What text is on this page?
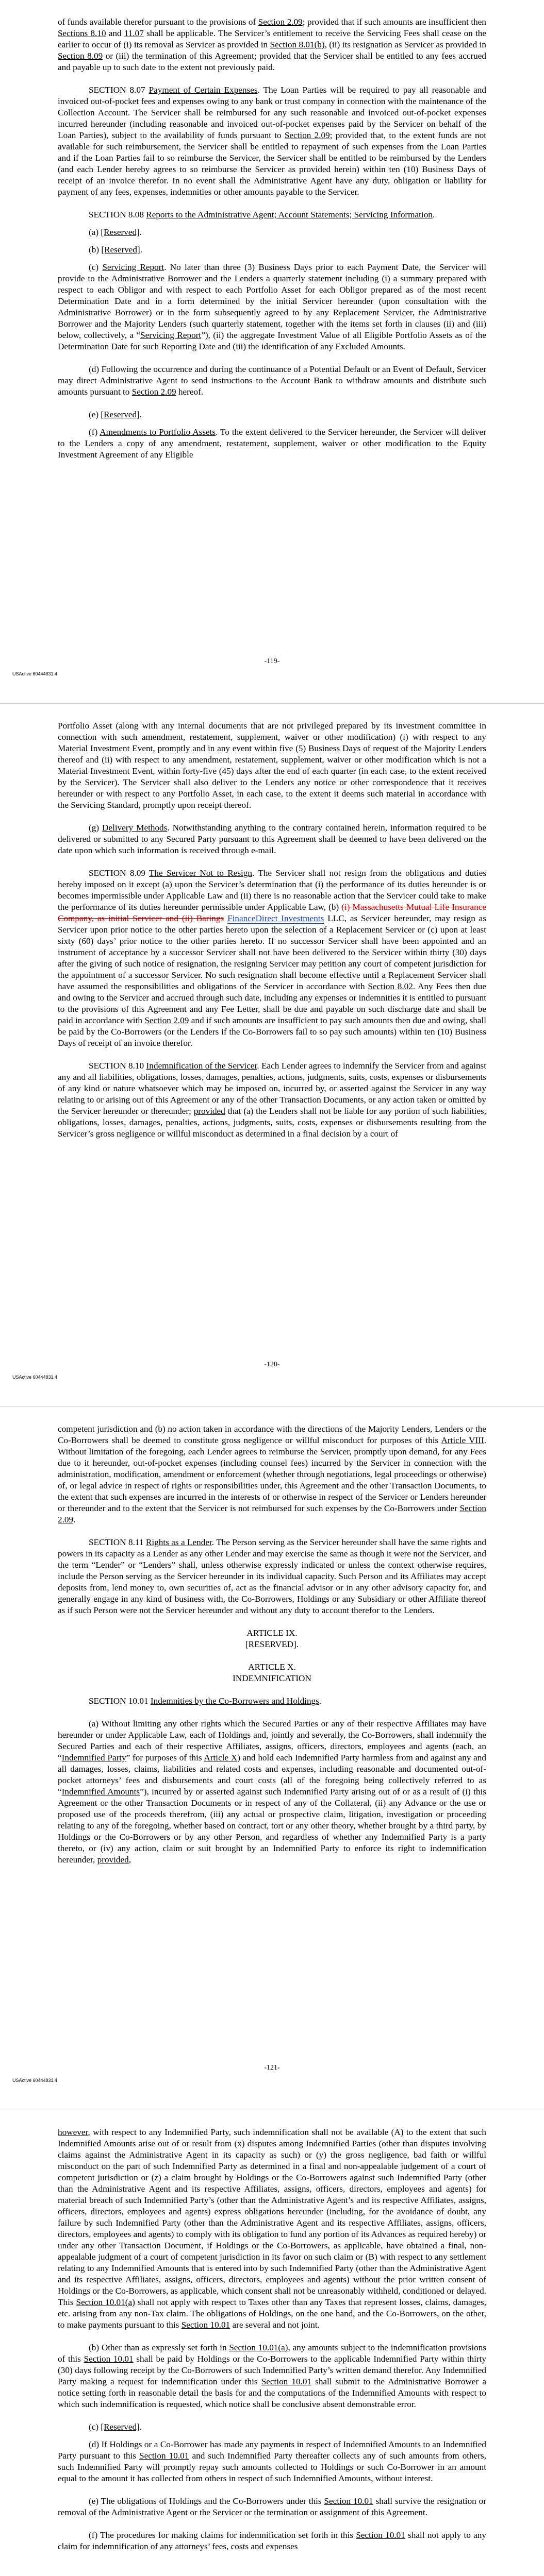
of funds available therefor pursuant to the provisions of Section 2.09; provided that if such amounts are insufficient then Sections 8.10 and 11.07 shall be applicable. The Servicer’s entitlement to receive the Servicing Fees shall cease on the earlier to occur of (i) its removal as Servicer as provided in Section 8.01(b), (ii) its resignation as Servicer as provided in Section 8.09 or (iii) the termination of this Agreement; provided that the Servicer shall be entitled to any fees accrued and payable up to such date to the extent not previously paid.

SECTION 8.07 Payment of Certain Expenses. The Loan Parties will be required to pay all reasonable and invoiced out-of-pocket fees and expenses owing to any bank or trust company in connection with the maintenance of the Collection Account. The Servicer shall be reimbursed for any such reasonable and invoiced out-of-pocket expenses incurred hereunder (including reasonable and invoiced out-of-pocket expenses paid by the Servicer on behalf of the Loan Parties), subject to the availability of funds pursuant to Section 2.09; provided that, to the extent funds are not available for such reimbursement, the Servicer shall be entitled to repayment of such expenses from the Loan Parties and if the Loan Parties fail to so reimburse the Servicer, the Servicer shall be entitled to be reimbursed by the Lenders (and each Lender hereby agrees to so reimburse the Servicer as provided herein) within ten (10) Business Days of receipt of an invoice therefor. In no event shall the Administrative Agent have any duty, obligation or liability for payment of any fees, expenses, indemnities or other amounts payable to the Servicer.

SECTION 8.08 Reports to the Administrative Agent; Account Statements; Servicing Information.

(a) [Reserved].

(b) [Reserved].

(c) Servicing Report. No later than three (3) Business Days prior to each Payment Date, the Servicer will provide to the Administrative Borrower and the Lenders a quarterly statement including (i) a summary prepared with respect to each Obligor and with respect to each Portfolio Asset for each Obligor prepared as of the most recent Determination Date and in a form determined by the initial Servicer hereunder (upon consultation with the Administrative Borrower) or in the form subsequently agreed to by any Replacement Servicer, the Administrative Borrower and the Majority Lenders (such quarterly statement, together with the items set forth in clauses (ii) and (iii) below, collectively, a “Servicing Report”), (ii) the aggregate Investment Value of all Eligible Portfolio Assets as of the Determination Date for such Reporting Date and (iii) the identification of any Excluded Amounts.

(d) Following the occurrence and during the continuance of a Potential Default or an Event of Default, Servicer may direct Administrative Agent to send instructions to the Account Bank to withdraw amounts and distribute such amounts pursuant to Section 2.09 hereof.

(e) [Reserved].

(f) Amendments to Portfolio Assets. To the extent delivered to the Servicer hereunder, the Servicer will deliver to the Lenders a copy of any amendment, restatement, supplement, waiver or other modification to the Equity Investment Agreement of any Eligible

-119-
USActive 60444831.4

Portfolio Asset (along with any internal documents that are not privileged prepared by its investment committee in connection with such amendment, restatement, supplement, waiver or other modification) (i) with respect to any Material Investment Event, promptly and in any event within five (5) Business Days of request of the Majority Lenders thereof and (ii) with respect to any amendment, restatement, supplement, waiver or other modification which is not a Material Investment Event, within forty-five (45) days after the end of each quarter (in each case, to the extent received by the Servicer). The Servicer shall also deliver to the Lenders any notice or other correspondence that it receives hereunder or with respect to any Portfolio Asset, in each case, to the extent it deems such material in accordance with the Servicing Standard, promptly upon receipt thereof.

(g) Delivery Methods. Notwithstanding anything to the contrary contained herein, information required to be delivered or submitted to any Secured Party pursuant to this Agreement shall be deemed to have been delivered on the date upon which such information is received through e-mail.

SECTION 8.09 The Servicer Not to Resign. The Servicer shall not resign from the obligations and duties hereby imposed on it except (a) upon the Servicer’s determination that (i) the performance of its duties hereunder is or becomes impermissible under Applicable Law and (ii) there is no reasonable action that the Servicer could take to make the performance of its duties hereunder permissible under Applicable Law, (b) (i) Massachusetts Mutual Life Insurance Company, as initial Servicer and (ii) Barings FinanceDirect Investments LLC, as Servicer hereunder, may resign as Servicer upon prior notice to the other parties hereto upon the selection of a Replacement Servicer or (c) upon at least sixty (60) days’ prior notice to the other parties hereto. If no successor Servicer shall have been appointed and an instrument of acceptance by a successor Servicer shall not have been delivered to the Servicer within thirty (30) days after the giving of such notice of resignation, the resigning Servicer may petition any court of competent jurisdiction for the appointment of a successor Servicer. No such resignation shall become effective until a Replacement Servicer shall have assumed the responsibilities and obligations of the Servicer in accordance with Section 8.02. Any Fees then due and owing to the Servicer and accrued through such date, including any expenses or indemnities it is entitled to pursuant to the provisions of this Agreement and any Fee Letter, shall be due and payable on such discharge date and shall be paid in accordance with Section 2.09 and if such amounts are insufficient to pay such amounts then due and owing, shall be paid by the Co-Borrowers (or the Lenders if the Co-Borrowers fail to so pay such amounts) within ten (10) Business Days of receipt of an invoice therefor.

SECTION 8.10 Indemnification of the Servicer. Each Lender agrees to indemnify the Servicer from and against any and all liabilities, obligations, losses, damages, penalties, actions, judgments, suits, costs, expenses or disbursements of any kind or nature whatsoever which may be imposed on, incurred by, or asserted against the Servicer in any way relating to or arising out of this Agreement or any of the other Transaction Documents, or any action taken or omitted by the Servicer hereunder or thereunder; provided that (a) the Lenders shall not be liable for any portion of such liabilities, obligations, losses, damages, penalties, actions, judgments, suits, costs, expenses or disbursements resulting from the Servicer’s gross negligence or willful misconduct as determined in a final decision by a court of

-120-
USActive 60444831.4

competent jurisdiction and (b) no action taken in accordance with the directions of the Majority Lenders, Lenders or the Co-Borrowers shall be deemed to constitute gross negligence or willful misconduct for purposes of this Article VIII. Without limitation of the foregoing, each Lender agrees to reimburse the Servicer, promptly upon demand, for any Fees due to it hereunder, out-of-pocket expenses (including counsel fees) incurred by the Servicer in connection with the administration, modification, amendment or enforcement (whether through negotiations, legal proceedings or otherwise) of, or legal advice in respect of rights or responsibilities under, this Agreement and the other Transaction Documents, to the extent that such expenses are incurred in the interests of or otherwise in respect of the Servicer or Lenders hereunder or thereunder and to the extent that the Servicer is not reimbursed for such expenses by the Co-Borrowers under Section 2.09.

SECTION 8.11 Rights as a Lender. The Person serving as the Servicer hereunder shall have the same rights and powers in its capacity as a Lender as any other Lender and may exercise the same as though it were not the Servicer, and the term “Lender” or “Lenders” shall, unless otherwise expressly indicated or unless the context otherwise requires, include the Person serving as the Servicer hereunder in its individual capacity. Such Person and its Affiliates may accept deposits from, lend money to, own securities of, act as the financial advisor or in any other advisory capacity for, and generally engage in any kind of business with, the Co-Borrowers, Holdings or any Subsidiary or other Affiliate thereof as if such Person were not the Servicer hereunder and without any duty to account therefor to the Lenders.

ARTICLE IX.

[RESERVED].

ARTICLE X.

INDEMNIFICATION

SECTION 10.01 Indemnities by the Co-Borrowers and Holdings.

(a) Without limiting any other rights which the Secured Parties or any of their respective Affiliates may have hereunder or under Applicable Law, each of Holdings and, jointly and severally, the Co-Borrowers, shall indemnify the Secured Parties and each of their respective Affiliates, assigns, officers, directors, employees and agents (each, an “Indemnified Party” for purposes of this Article X) and hold each Indemnified Party harmless from and against any and all damages, losses, claims, liabilities and related costs and expenses, including reasonable and documented out-of-pocket attorneys’ fees and disbursements and court costs (all of the foregoing being collectively referred to as “Indemnified Amounts”), incurred by or asserted against such Indemnified Party arising out of or as a result of (i) this Agreement or the other Transaction Documents or in respect of any of the Collateral, (ii) any Advance or the use or proposed use of the proceeds therefrom, (iii) any actual or prospective claim, litigation, investigation or proceeding relating to any of the foregoing, whether based on contract, tort or any other theory, whether brought by a third party, by Holdings or the Co-Borrowers or by any other Person, and regardless of whether any Indemnified Party is a party thereto, or (iv) any action, claim or suit brought by an Indemnified Party to enforce its right to indemnification hereunder, provided,

-121-
USActive 60444831.4

however, with respect to any Indemnified Party, such indemnification shall not be available (A) to the extent that such Indemnified Amounts arise out of or result from (x) disputes among Indemnified Parties (other than disputes involving claims against the Administrative Agent in its capacity as such) or (y) the gross negligence, bad faith or willful misconduct on the part of such Indemnified Party as determined in a final and non-appealable judgement of a court of competent jurisdiction or (z) a claim brought by Holdings or the Co-Borrowers against such Indemnified Party (other than the Administrative Agent and its respective Affiliates, assigns, officers, directors, employees and agents) for material breach of such Indemnified Party’s (other than the Administrative Agent’s and its respective Affiliates, assigns, officers, directors, employees and agents) express obligations hereunder (including, for the avoidance of doubt, any failure by such Indemnified Party (other than the Administrative Agent and its respective Affiliates, assigns, officers, directors, employees and agents) to comply with its obligation to fund any portion of its Advances as required hereby) or under any other Transaction Document, if Holdings or the Co-Borrowers, as applicable, have obtained a final, non-appealable judgment of a court of competent jurisdiction in its favor on such claim or (B) with respect to any settlement relating to any Indemnified Amounts that is entered into by such Indemnified Party (other than the Administrative Agent and its respective Affiliates, assigns, officers, directors, employees and agents) without the prior written consent of Holdings or the Co-Borrowers, as applicable, which consent shall not be unreasonably withheld, conditioned or delayed. This Section 10.01(a) shall not apply with respect to Taxes other than any Taxes that represent losses, claims, damages, etc. arising from any non-Tax claim. The obligations of Holdings, on the one hand, and the Co-Borrowers, on the other, to make payments pursuant to this Section 10.01 are several and not joint.

(b) Other than as expressly set forth in Section 10.01(a), any amounts subject to the indemnification provisions of this Section 10.01 shall be paid by Holdings or the Co-Borrowers to the applicable Indemnified Party within thirty (30) days following receipt by the Co-Borrowers of such Indemnified Party’s written demand therefor. Any Indemnified Party making a request for indemnification under this Section 10.01 shall submit to the Administrative Borrower a notice setting forth in reasonable detail the basis for and the computations of the Indemnified Amounts with respect to which such indemnification is requested, which notice shall be conclusive absent demonstrable error.

(c) [Reserved].

(d) If Holdings or a Co-Borrower has made any payments in respect of Indemnified Amounts to an Indemnified Party pursuant to this Section 10.01 and such Indemnified Party thereafter collects any of such amounts from others, such Indemnified Party will promptly repay such amounts collected to Holdings or such Co-Borrower in an amount equal to the amount it has collected from others in respect of such Indemnified Amounts, without interest.

(e) The obligations of Holdings and the Co-Borrowers under this Section 10.01 shall survive the resignation or removal of the Administrative Agent or the Servicer or the termination or assignment of this Agreement.

(f) The procedures for making claims for indemnification set forth in this Section 10.01 shall not apply to any claim for indemnification of any attorneys’ fees, costs and expenses
